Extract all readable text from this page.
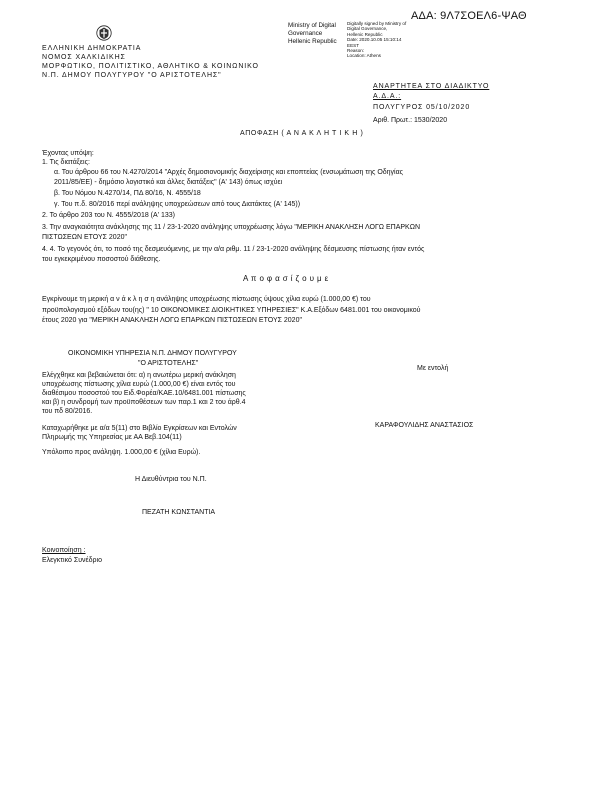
ΑΔΑ: 9Λ7ΣΟΕΛ6-ΨΑΘ
Ministry of Digital
Governance
Hellenic Republic
Digitally signed by Ministry of
Digital Governance,
Hellenic Republic
Date: 2020.10.05 15:10:14
EEST
Reason:
Location: Athens
ΕΛΛΗΝΙΚΗ ΔΗΜΟΚΡΑΤΙΑ
ΝΟΜΟΣ ΧΑΛΚΙΔΙΚΗΣ
ΜΟΡΦΩΤΙΚΟ, ΠΟΛΙΤΙΣΤΙΚΟ, ΑΘΛΗΤΙΚΟ & ΚΟΙΝΩΝΙΚΟ
Ν.Π. ΔΗΜΟΥ ΠΟΛΥΓΥΡΟΥ "Ο ΑΡΙΣΤΟΤΕΛΗΣ"
ΑΝΑΡΤΗΤΕΑ ΣΤΟ ΔΙΑΔΙΚΤΥΟ
Α.Δ.Α.:
ΠΟΛΥΓΥΡΟΣ 05/10/2020
Αριθ. Πρωτ.: 1530/2020
ΑΠΟΦΑΣΗ ( Α Ν Α Κ Λ Η Τ Ι Κ Η )
Έχοντας υπόψη:
1. Τις διατάξεις:
α. Του άρθρου 66 του Ν.4270/2014 "Αρχές δημοσιονομικής διαχείρισης και εποπτείας (ενσωμάτωση της Οδηγίας
2011/85/ΕΕ) - δημόσιο λογιστικό και άλλες διατάξεις" (Α' 143) όπως ισχύει
β. Του Νόμου Ν.4270/14, ΠΔ 80/16, Ν. 4555/18
γ. Του π.δ. 80/2016 περί ανάληψης υποχρεώσεων από τους Διατάκτες (Α' 145))
2. Το άρθρο 203 του Ν. 4555/2018 (Α' 133)
3. Την αναγκαιότητα ανάκλησης της 11 / 23-1-2020 ανάληψης υποχρέωσης λόγω "ΜΕΡΙΚΗ ΑΝΑΚΛΗΣΗ ΛΟΓΩ ΕΠΑΡΚΩΝ
ΠΙΣΤΩΣΕΩΝ ΕΤΟΥΣ 2020"
4. 4. Το γεγονός ότι, το ποσό της δεσμευόμενης, με την α/α ριθμ. 11 / 23-1-2020 ανάληψης δέσμευσης πίστωσης ήταν εντός
του εγκεκριμένου ποσοστού διάθεσης.
Α π ο φ α σ ί ζ ο υ μ ε
Εγκρίνουμε τη μερική α ν ά κ λ η σ η ανάληψης υποχρέωσης πίστωσης ύψους χίλια ευρώ (1.000,00 €) του
προϋπολογισμού εξόδων του(ης) " 10 ΟΙΚΟΝΟΜΙΚΕΣ ΔΙΟΙΚΗΤΙΚΕΣ ΥΠΗΡΕΣΙΕΣ" Κ.Α.Εξόδων 6481.001 του οικονομικού
έτους 2020 για "ΜΕΡΙΚΗ ΑΝΑΚΛΗΣΗ ΛΟΓΩ ΕΠΑΡΚΩΝ ΠΙΣΤΩΣΕΩΝ ΕΤΟΥΣ 2020"
ΟΙΚΟΝΟΜΙΚΗ ΥΠΗΡΕΣΙΑ Ν.Π. ΔΗΜΟΥ ΠΟΛΥΓΥΡΟΥ
"Ο ΑΡΙΣΤΟΤΕΛΗΣ"
Ελέγχθηκε και βεβαιώνεται ότι: α) η ανωτέρω μερική ανάκληση
υποχρέωσης πίστωσης χίλια ευρώ (1.000,00 €) είναι εντός του
διαθέσιμου ποσοστού του Ειδ.Φορέα/ΚΑΕ.10/6481.001 πίστωσης
και β) η συνδρομή των προϋποθέσεων των παρ.1 και 2 του άρθ.4
του πδ 80/2016.
Καταχωρήθηκε με α/α 5(11) στο Βιβλίο Εγκρίσεων και Εντολών
Πληρωμής της Υπηρεσίας με ΑΑ Βεβ.104(11)
Υπόλοιπο προς ανάληψη. 1.000,00 € (χίλια Ευρώ).
Με εντολή
ΚΑΡΑΦΟΥΛΙΔΗΣ ΑΝΑΣΤΑΣΙΟΣ
Η Διευθύντρια του Ν.Π.
ΠΕΖΑΤΗ ΚΩΝΣΤΑΝΤΙΑ
Κοινοποίηση :
Ελεγκτικό Συνέδριο
